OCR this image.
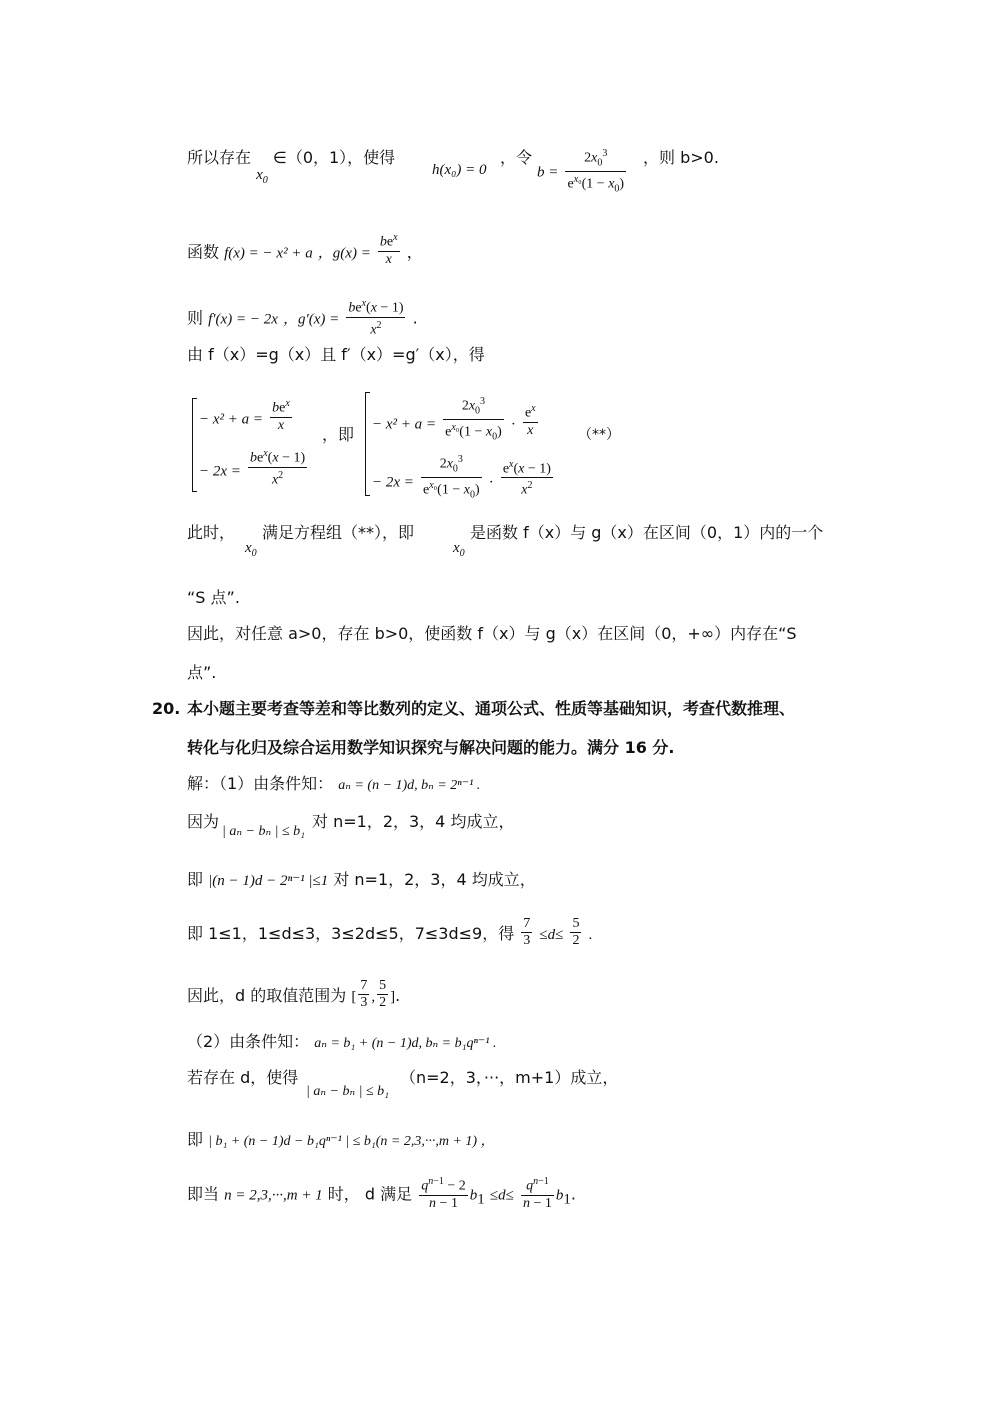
所以存在 $x_0$ ∈（0，1），使得
h(x₀) = 0
，令
$b = \frac{2x_0^3}{e^{x_0}(1 - x_0)}$ ，则 b>0.
函数 f(x) = − x² + a ，$g(x) = \frac{be^x}{x}$ ，
则 f′(x) = − 2x ，$g'(x) = \frac{be^x(x - 1)}{x^2}$ .
由 f（x）=g（x）且 f′（x）=g′（x），得
− $x^2 + a = \frac{be^x}{x}$
− $2x = \frac{be^x(x - 1)}{x^2}$
，即
− $x^2 + a = \frac{2x_0^3}{e^{x_0}(1 - x_0)} \cdot \frac{e^x}{x}$
− $2x = \frac{2x_0^3}{e^{x_0}(1 - x_0)} \cdot \frac{e^x(x - 1)}{x^2}$
（**）
此时，
$x_0$
满足方程组（**），即
$x_0$
是函数 f（x）与 g（x）在区间（0，1）内的一个
“S 点”.
因此，对任意 a>0，存在 b>0，使函数 f（x）与 g（x）在区间（0，+∞）内存在“S
点”.
20. 本小题主要考查等差和等比数列的定义、通项公式、性质等基础知识，考查代数推理、
转化与化归及综合运用数学知识探究与解决问题的能力。满分 16 分.
解：（1）由条件知： aₙ = (n − 1)d, bₙ = 2ⁿ⁻¹ .
因为
| aₙ − bₙ | ≤ b₁
对 n=1，2，3，4 均成立，
即 |(n − 1)d − 2ⁿ⁻¹ |≤1 对 n=1，2，3，4 均成立，
即 1≤1，1≤d≤3，3≤2d≤5，7≤3d≤9，得 $\frac{7}{3} \le d\le \frac{5}{2}$ .
因此，d 的取值范围为 [ $\frac{7}{3}$ , $\frac{5}{2}$ ].
（2）由条件知： aₙ = b₁ + (n − 1)d, bₙ = b₁qⁿ⁻¹ .
若存在 d，使得
| aₙ − bₙ | ≤ b₁
（n=2，3，···，m+1）成立，
即 | b₁ + (n − 1)d − b₁qⁿ⁻¹ | ≤ b₁(n = 2,3,···,m + 1) ，
即当 n = 2,3,···,m + 1 时， d 满足 $\frac{q^{n-1} - 2}{n - 1} b_1 \le d\le \frac{q^{n-1}}{n - 1} b_1$.
